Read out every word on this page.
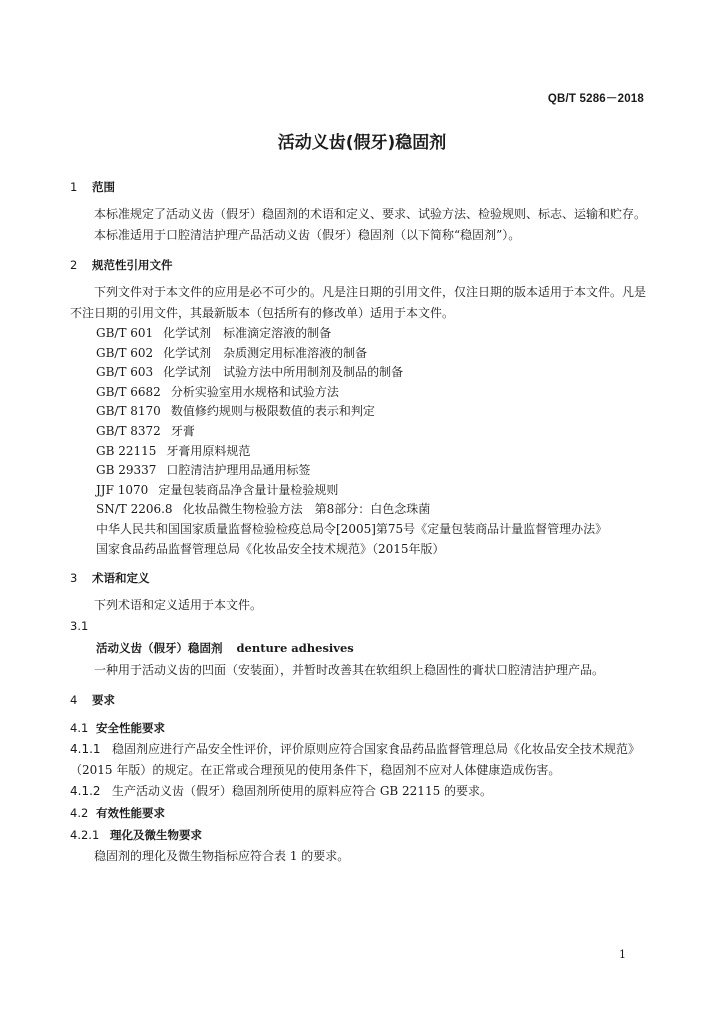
QB/T 5286－2018
活动义齿(假牙)稳固剂
1 范围

本标准规定了活动义齿（假牙）稳固剂的术语和定义、要求、试验方法、检验规则、标志、运输和贮存。

本标准适用于口腔清洁护理产品活动义齿（假牙）稳固剂（以下简称“稳固剂”）。

2 规范性引用文件

下列文件对于本文件的应用是必不可少的。凡是注日期的引用文件，仅注日期的版本适用于本文件。凡是不注日期的引用文件，其最新版本（包括所有的修改单）适用于本文件。

GB/T 601 化学试剂　标准滴定溶液的制备
GB/T 602 化学试剂　杂质测定用标准溶液的制备
GB/T 603 化学试剂　试验方法中所用制剂及制品的制备
GB/T 6682 分析实验室用水规格和试验方法
GB/T 8170 数值修约规则与极限数值的表示和判定
GB/T 8372 牙膏
GB 22115 牙膏用原料规范
GB 29337 口腔清洁护理用品通用标签
JJF 1070 定量包装商品净含量计量检验规则
SN/T 2206.8 化妆品微生物检验方法　第8部分：白色念珠菌
中华人民共和国国家质量监督检验检疫总局令[2005]第75号《定量包装商品计量监督管理办法》
国家食品药品监督管理总局《化妆品安全技术规范》（2015年版）
3 术语和定义

下列术语和定义适用于本文件。

3.1
活动义齿（假牙）稳固剂 denture adhesives

一种用于活动义齿的凹面（安装面），并暂时改善其在软组织上稳固性的膏状口腔清洁护理产品。

4 要求
4.1 安全性能要求

4.1.1 稳固剂应进行产品安全性评价，评价原则应符合国家食品药品监督管理总局《化妆品安全技术规范》（2015 年版）的规定。在正常或合理预见的使用条件下，稳固剂不应对人体健康造成伤害。

4.1.2 生产活动义齿（假牙）稳固剂所使用的原料应符合 GB 22115 的要求。

4.2 有效性能要求
4.2.1 理化及微生物要求

稳固剂的理化及微生物指标应符合表 1 的要求。

1
